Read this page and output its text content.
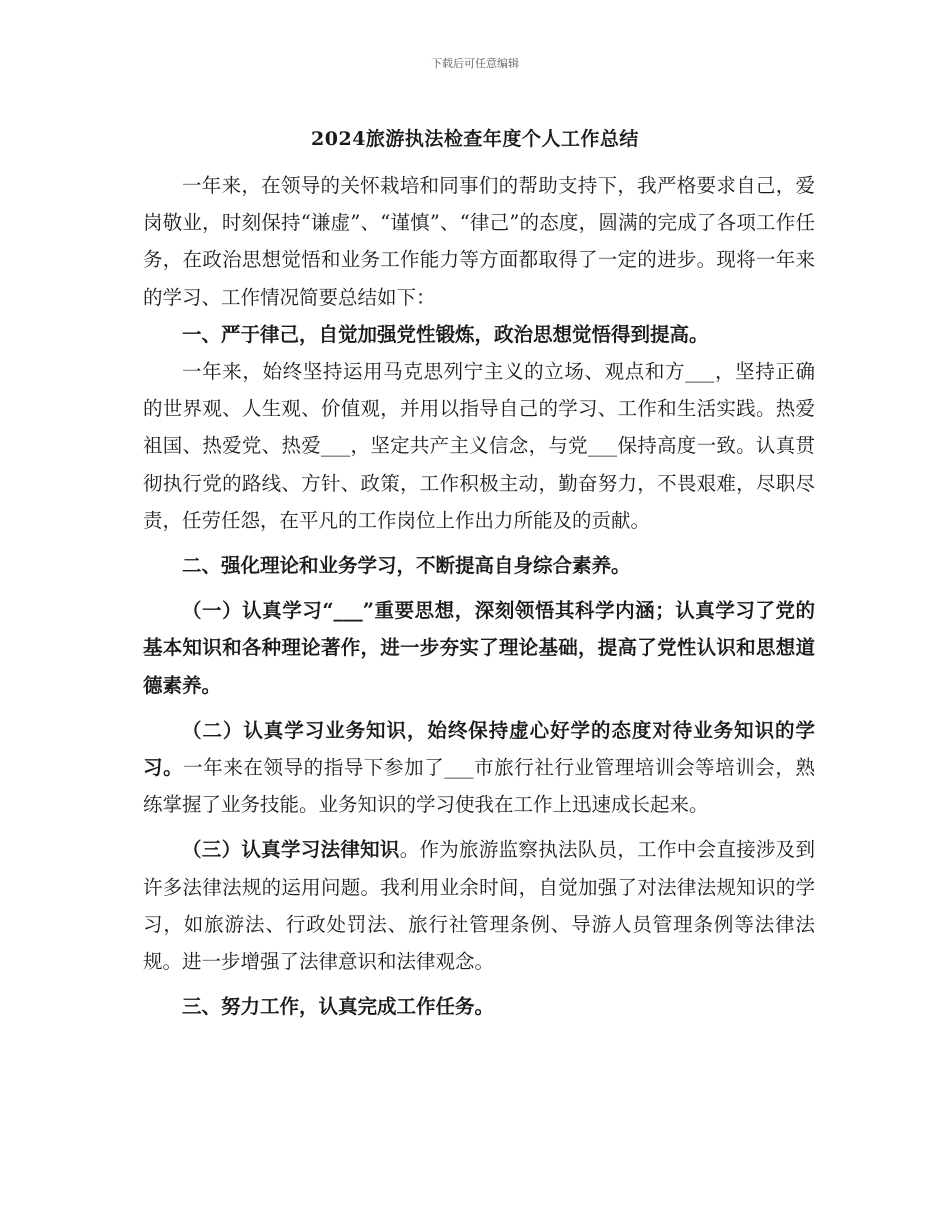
下载后可任意编辑
2024旅游执法检查年度个人工作总结

一年来，在领导的关怀栽培和同事们的帮助支持下，我严格要求自己，爱岗敬业，时刻保持“谦虚”、“谨慎”、“律己”的态度，圆满的完成了各项工作任务，在政治思想觉悟和业务工作能力等方面都取得了一定的进步。现将一年来的学习、工作情况简要总结如下：

一、严于律己，自觉加强党性锻炼，政治思想觉悟得到提高。

一年来，始终坚持运用马克思列宁主义的立场、观点和方___，坚持正确的世界观、人生观、价值观，并用以指导自己的学习、工作和生活实践。热爱祖国、热爱党、热爱___，坚定共产主义信念，与党___保持高度一致。认真贯彻执行党的路线、方针、政策，工作积极主动，勤奋努力，不畏艰难，尽职尽责，任劳任怨，在平凡的工作岗位上作出力所能及的贡献。

二、强化理论和业务学习，不断提高自身综合素养。

（一）认真学习“___”重要思想，深刻领悟其科学内涵；认真学习了党的基本知识和各种理论著作，进一步夯实了理论基础，提高了党性认识和思想道德素养。

（二）认真学习业务知识，始终保持虚心好学的态度对待业务知识的学习。一年来在领导的指导下参加了___市旅行社行业管理培训会等培训会，熟练掌握了业务技能。业务知识的学习使我在工作上迅速成长起来。

（三）认真学习法律知识。作为旅游监察执法队员，工作中会直接涉及到许多法律法规的运用问题。我利用业余时间，自觉加强了对法律法规知识的学习，如旅游法、行政处罚法、旅行社管理条例、导游人员管理条例等法律法规。进一步增强了法律意识和法律观念。

三、努力工作，认真完成工作任务。
